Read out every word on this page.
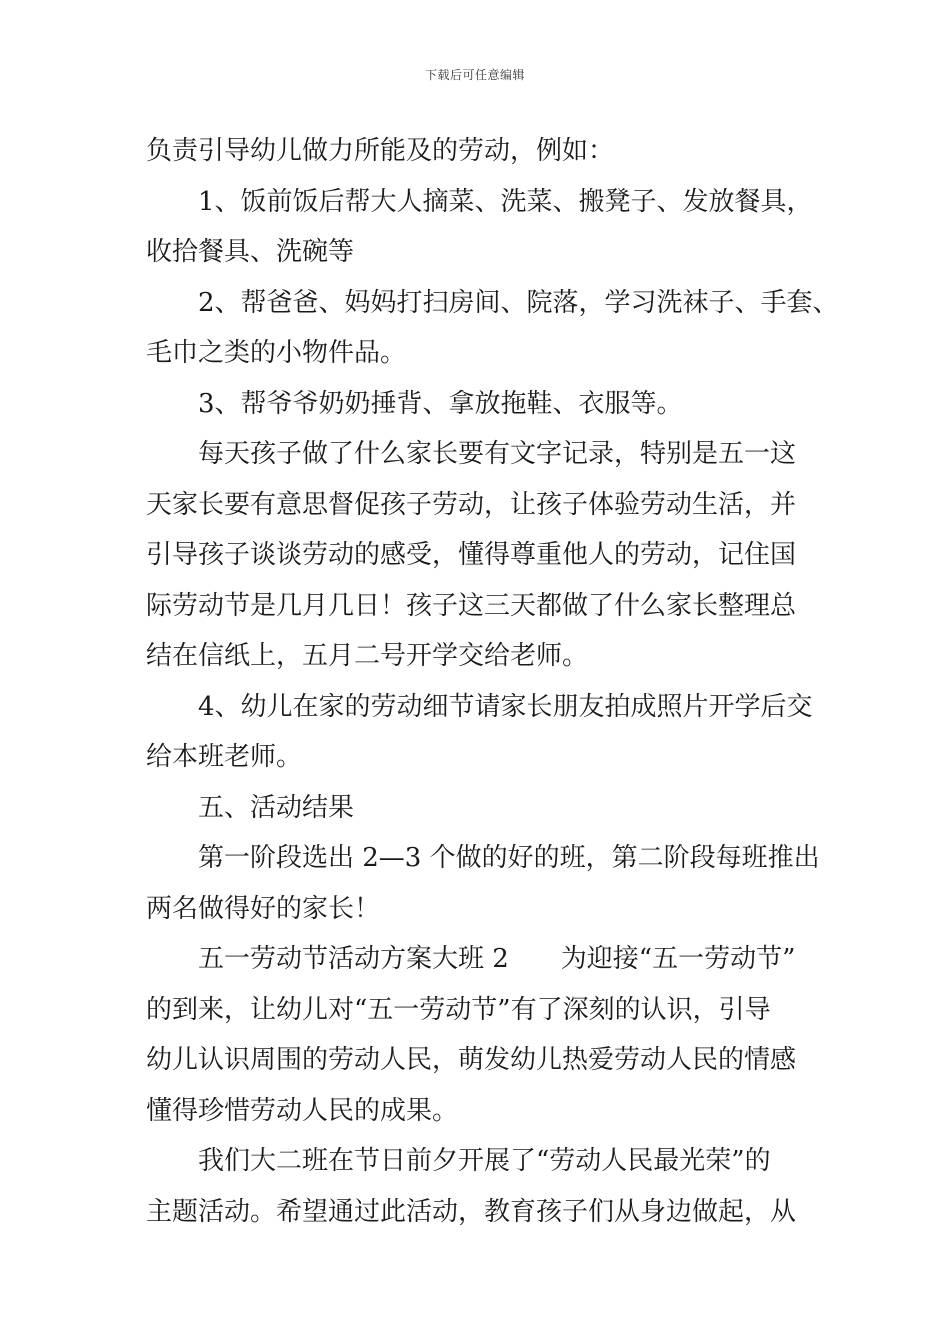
下载后可任意编辑
负责引导幼儿做力所能及的劳动，例如：
1、饭前饭后帮大人摘菜、洗菜、搬凳子、发放餐具，
收拾餐具、洗碗等
2、帮爸爸、妈妈打扫房间、院落，学习洗袜子、手套、
毛巾之类的小物件品。
3、帮爷爷奶奶捶背、拿放拖鞋、衣服等。
每天孩子做了什么家长要有文字记录，特别是五一这
天家长要有意思督促孩子劳动，让孩子体验劳动生活，并
引导孩子谈谈劳动的感受，懂得尊重他人的劳动，记住国
际劳动节是几月几日！孩子这三天都做了什么家长整理总
结在信纸上，五月二号开学交给老师。
4、幼儿在家的劳动细节请家长朋友拍成照片开学后交
给本班老师。
五、活动结果
第一阶段选出 2—3 个做的好的班，第二阶段每班推出
两名做得好的家长！
五一劳动节活动方案大班 2　　为迎接“五一劳动节”
的到来，让幼儿对“五一劳动节”有了深刻的认识，引导
幼儿认识周围的劳动人民，萌发幼儿热爱劳动人民的情感
懂得珍惜劳动人民的成果。
我们大二班在节日前夕开展了“劳动人民最光荣”的
主题活动。希望通过此活动，教育孩子们从身边做起，从
